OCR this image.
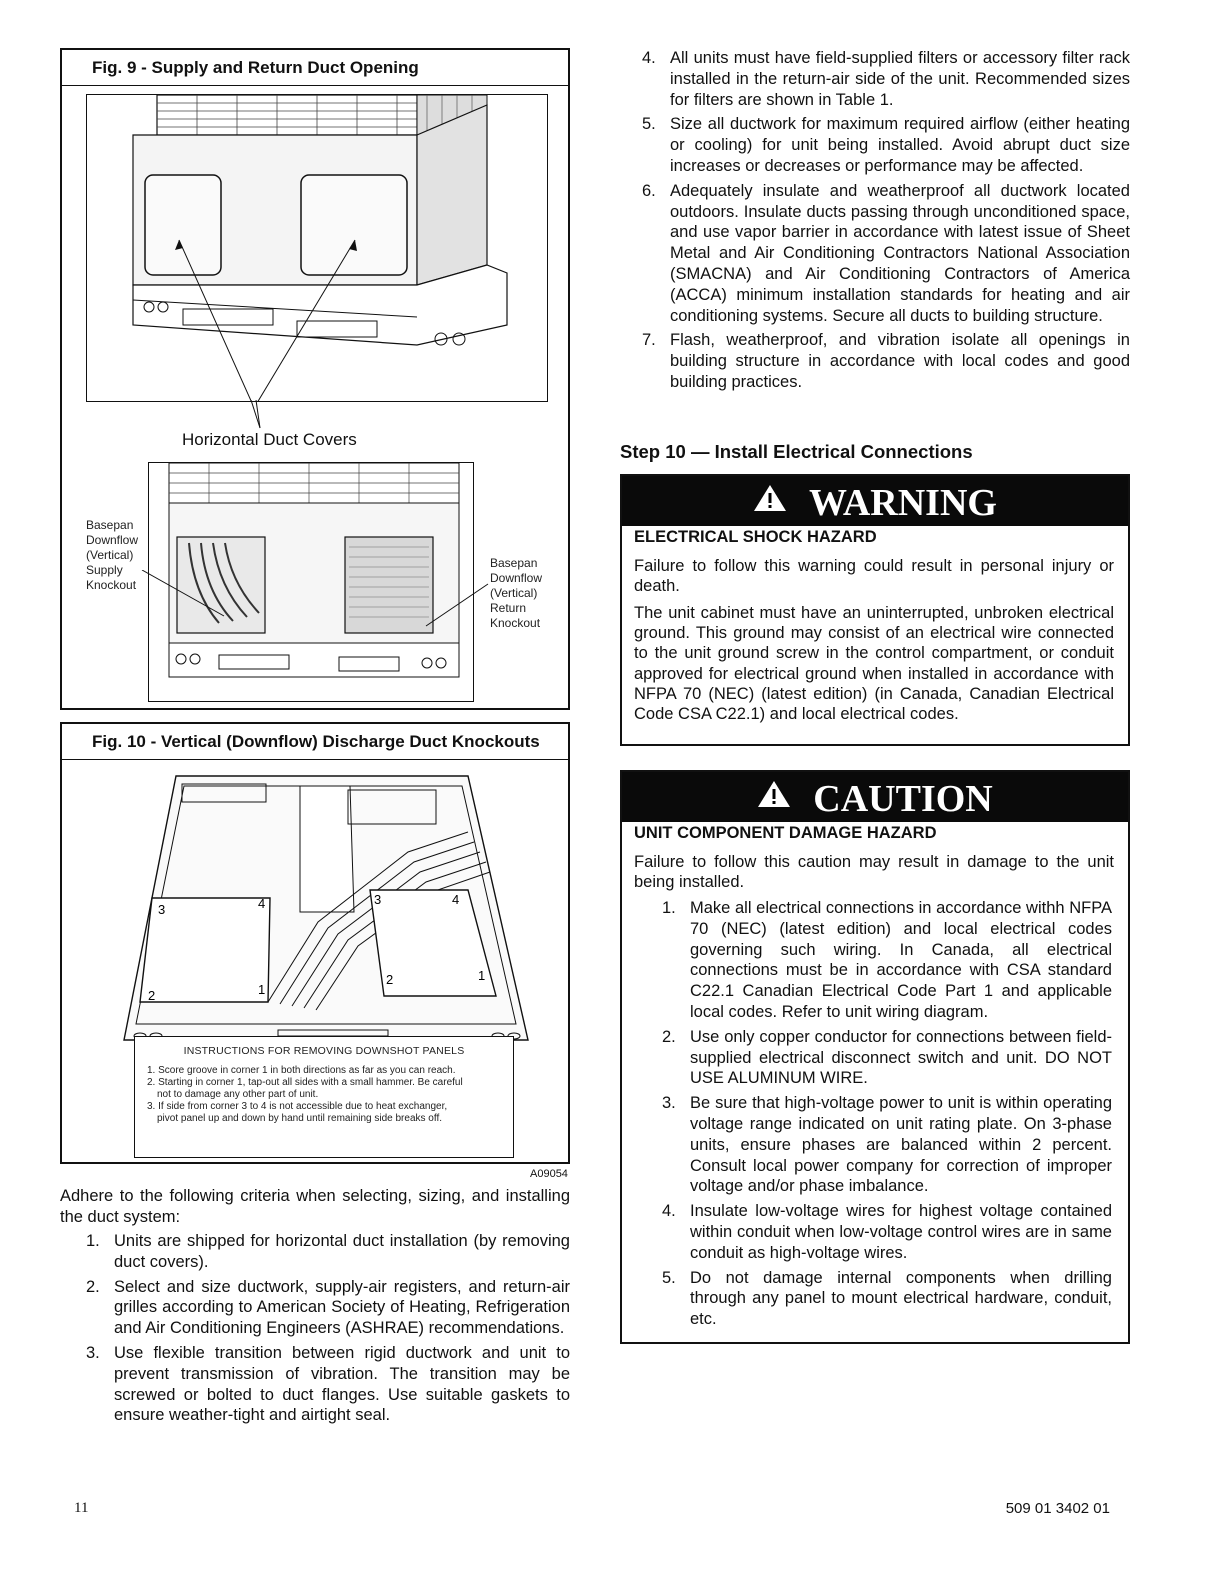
Fig. 9 - Supply and Return Duct Opening
Horizontal Duct Covers
Basepan
Downflow
(Vertical)
Supply
Knockout
Basepan
Downflow
(Vertical)
Return
Knockout
Fig. 10 - Vertical (Downflow) Discharge Duct Knockouts
3	4
2	1
3	4
2	1
INSTRUCTIONS FOR REMOVING DOWNSHOT PANELS
1. Score groove in corner 1 in both directions as far as you can reach.
2. Starting in corner 1, tap-out all sides with a small hammer. Be careful
not to damage any other part of unit.
3. If side from corner 3 to 4 is not accessible due to heat exchanger,
pivot panel up and down by hand until remaining side breaks off.
A09054
Adhere to the following criteria when selecting, sizing, and installing the duct system:
1. Units are shipped for horizontal duct installation (by removing duct covers).
2. Select and size ductwork, supply-air registers, and return-air grilles according to American Society of Heating, Refrigeration and Air Conditioning Engineers (ASHRAE) recommendations.
3. Use flexible transition between rigid ductwork and unit to prevent transmission of vibration. The transition may be screwed or bolted to duct flanges. Use suitable gaskets to ensure weather-tight and airtight seal.
4. All units must have field-supplied filters or accessory filter rack installed in the return-air side of the unit. Recommended sizes for filters are shown in Table 1.
5. Size all ductwork for maximum required airflow (either heating or cooling) for unit being installed. Avoid abrupt duct size increases or decreases or performance may be affected.
6. Adequately insulate and weatherproof all ductwork located outdoors. Insulate ducts passing through unconditioned space, and use vapor barrier in accordance with latest issue of Sheet Metal and Air Conditioning Contractors National Association (SMACNA) and Air Conditioning Contractors of America (ACCA) minimum installation standards for heating and air conditioning systems. Secure all ducts to building structure.
7. Flash, weatherproof, and vibration isolate all openings in building structure in accordance with local codes and good building practices.
Step 10 — Install Electrical Connections
WARNING
ELECTRICAL SHOCK HAZARD
Failure to follow this warning could result in personal injury or death.
The unit cabinet must have an uninterrupted, unbroken electrical ground. This ground may consist of an electrical wire connected to the unit ground screw in the control compartment, or conduit approved for electrical ground when installed in accordance with NFPA 70 (NEC) (latest edition) (in Canada, Canadian Electrical Code CSA C22.1) and local electrical codes.
CAUTION
UNIT COMPONENT DAMAGE HAZARD
Failure to follow this caution may result in damage to the unit being installed.
1. Make all electrical connections in accordance withh NFPA 70 (NEC) (latest edition) and local electrical codes governing such wiring. In Canada, all electrical connections must be in accordance with CSA standard C22.1 Canadian Electrical Code Part 1 and applicable local codes. Refer to unit wiring diagram.
2. Use only copper conductor for connections between field-supplied electrical disconnect switch and unit. DO NOT USE ALUMINUM WIRE.
3. Be sure that high-voltage power to unit is within operating voltage range indicated on unit rating plate. On 3-phase units, ensure phases are balanced within 2 percent. Consult local power company for correction of improper voltage and/or phase imbalance.
4. Insulate low-voltage wires for highest voltage contained within conduit when low-voltage control wires are in same conduit as high-voltage wires.
5. Do not damage internal components when drilling through any panel to mount electrical hardware, conduit, etc.
11	509 01 3402 01
